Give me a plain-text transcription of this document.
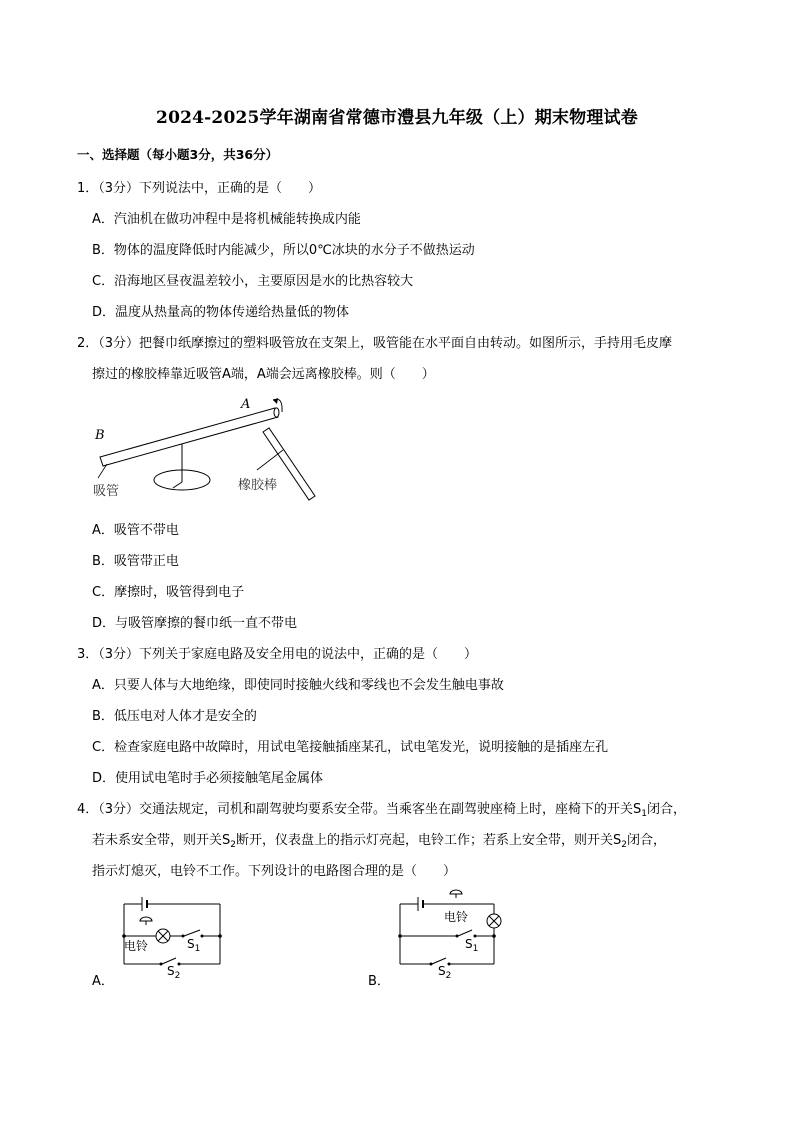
2024-2025学年湖南省常德市澧县九年级（上）期末物理试卷
一、选择题（每小题3分，共36分）
1．（3分）下列说法中，正确的是（　　）
A．汽油机在做功冲程中是将机械能转换成内能
B．物体的温度降低时内能减少，所以0℃冰块的水分子不做热运动
C．沿海地区昼夜温差较小，主要原因是水的比热容较大
D．温度从热量高的物体传递给热量低的物体
2．（3分）把餐巾纸摩擦过的塑料吸管放在支架上，吸管能在水平面自由转动。如图所示，手持用毛皮摩
擦过的橡胶棒靠近吸管A端，A端会远离橡胶棒。则（　　）
A
B
吸管	橡胶棒
A．吸管不带电
B．吸管带正电
C．摩擦时，吸管得到电子
D．与吸管摩擦的餐巾纸一直不带电
3．（3分）下列关于家庭电路及安全用电的说法中，正确的是（　　）
A．只要人体与大地绝缘，即使同时接触火线和零线也不会发生触电事故
B．低压电对人体才是安全的
C．检查家庭电路中故障时，用试电笔接触插座某孔，试电笔发光，说明接触的是插座左孔
D．使用试电笔时手必须接触笔尾金属体
4．（3分）交通法规定，司机和副驾驶均要系安全带。当乘客坐在副驾驶座椅上时，座椅下的开关$S_1$闭合，
若未系安全带，则开关$S_2$断开，仪表盘上的指示灯亮起，电铃工作；若系上安全带，则开关$S_2$闭合，
指示灯熄灭，电铃不工作。下列设计的电路图合理的是（　　）
电铃	$S_1$
$S_2$
A．
电铃
$S_1$
$S_2$
B．
